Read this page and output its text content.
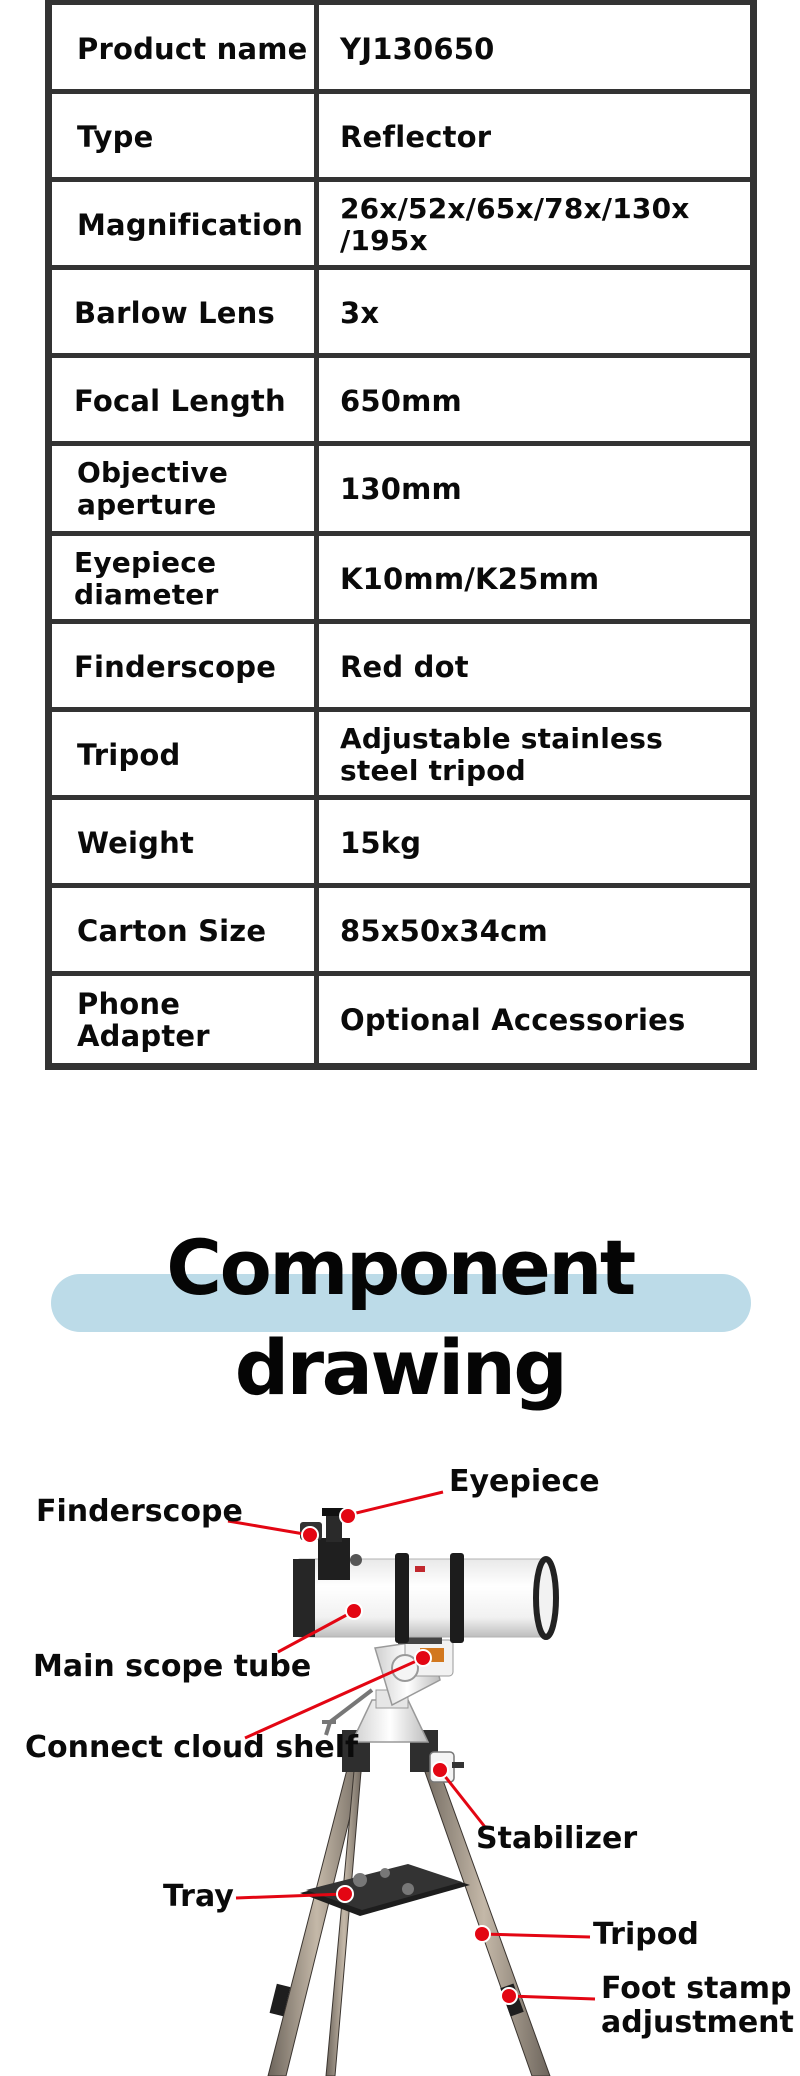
Product name YJ130650
Type	Reflector
Magnification	26x/52x/65x/78x/130x /195x
Barlow Lens	3x
Focal Length	650mm
Objective aperture	130mm
Eyepiece diameter	K10mm/K25mm
Finderscope	Red dot
Tripod	Adjustable stainless steel tripod
Weight	15kg
Carton Size	85x50x34cm
Phone Adapter	Optional Accessories
Component drawing
Eyepiece
Finderscope
Main scope tube
Connect cloud shelf
Stabilizer
Tray
Tripod
Foot stamp
adjustment
